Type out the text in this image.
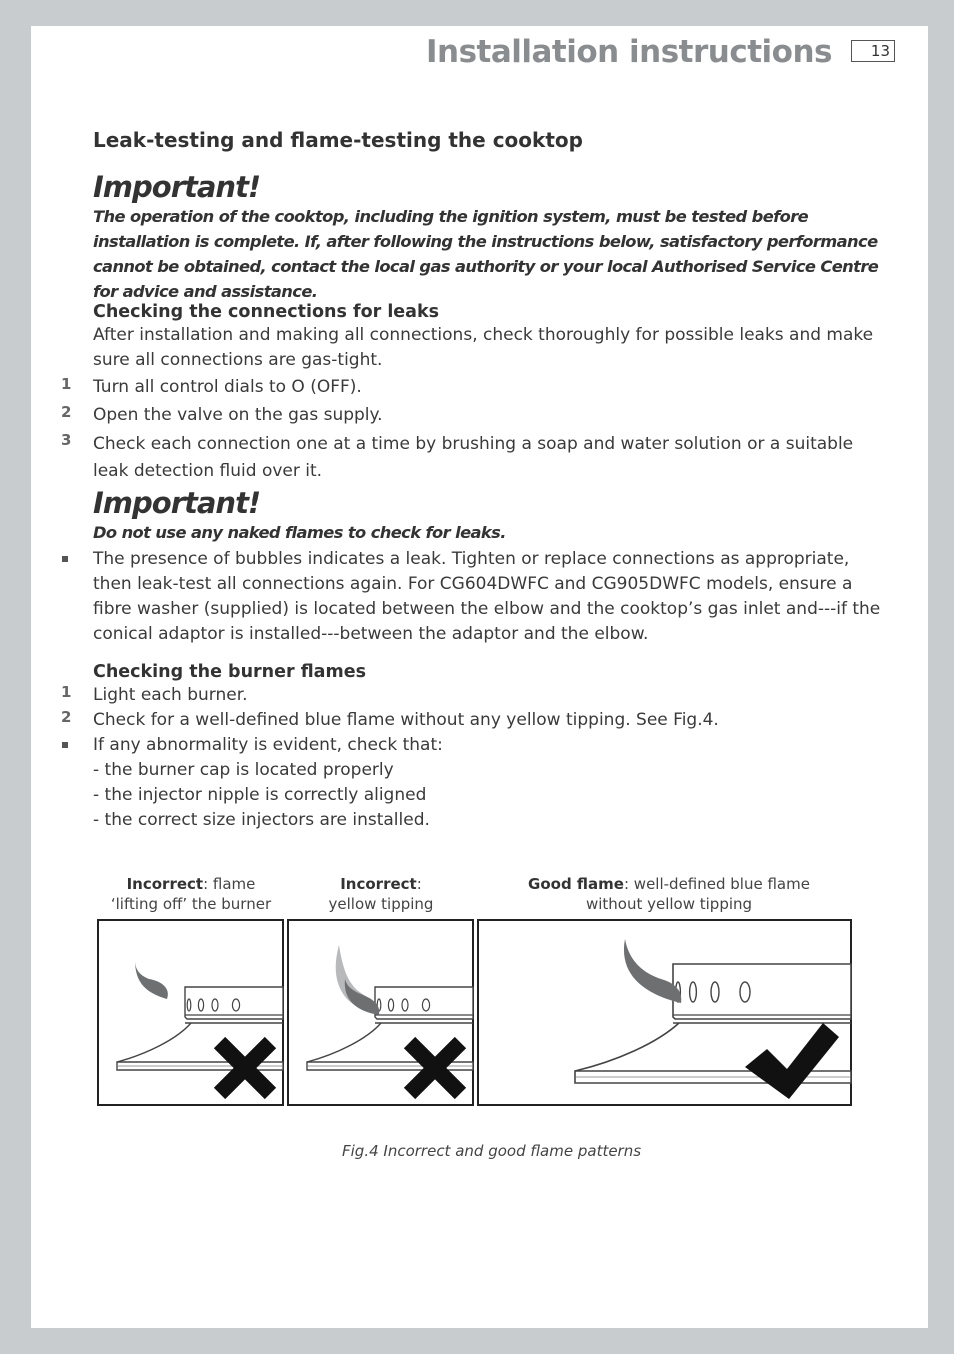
Installation instructions	13
Leak-testing and flame-testing the cooktop
Important!
The operation of the cooktop, including the ignition system, must be tested before installation is complete. If, after following the instructions below, satisfactory performance cannot be obtained, contact the local gas authority or your local Authorised Service Centre for advice and assistance.
Checking the connections for leaks
After installation and making all connections, check thoroughly for possible leaks and make sure all connections are gas-tight.
1	Turn all control dials to O (OFF).
2	Open the valve on the gas supply.
3	Check each connection one at a time by brushing a soap and water solution or a suitable leak detection fluid over it.
Important!
Do not use any naked flames to check for leaks.
The presence of bubbles indicates a leak. Tighten or replace connections as appropriate, then leak-test all connections again. For CG604DWFC and CG905DWFC models, ensure a fibre washer (supplied) is located between the elbow and the cooktop’s gas inlet and---if the conical adaptor is installed---between the adaptor and the elbow.
Checking the burner flames
1	Light each burner.
2	Check for a well-defined blue flame without any yellow tipping. See Fig.4.
If any abnormality is evident, check that:
- the burner cap is located properly
- the injector nipple is correctly aligned
- the correct size injectors are installed.
Incorrect: flame
‘lifting off’ the burner
Incorrect:
yellow tipping
Good flame: well-defined blue flame
without yellow tipping
Fig.4 Incorrect and good flame patterns
